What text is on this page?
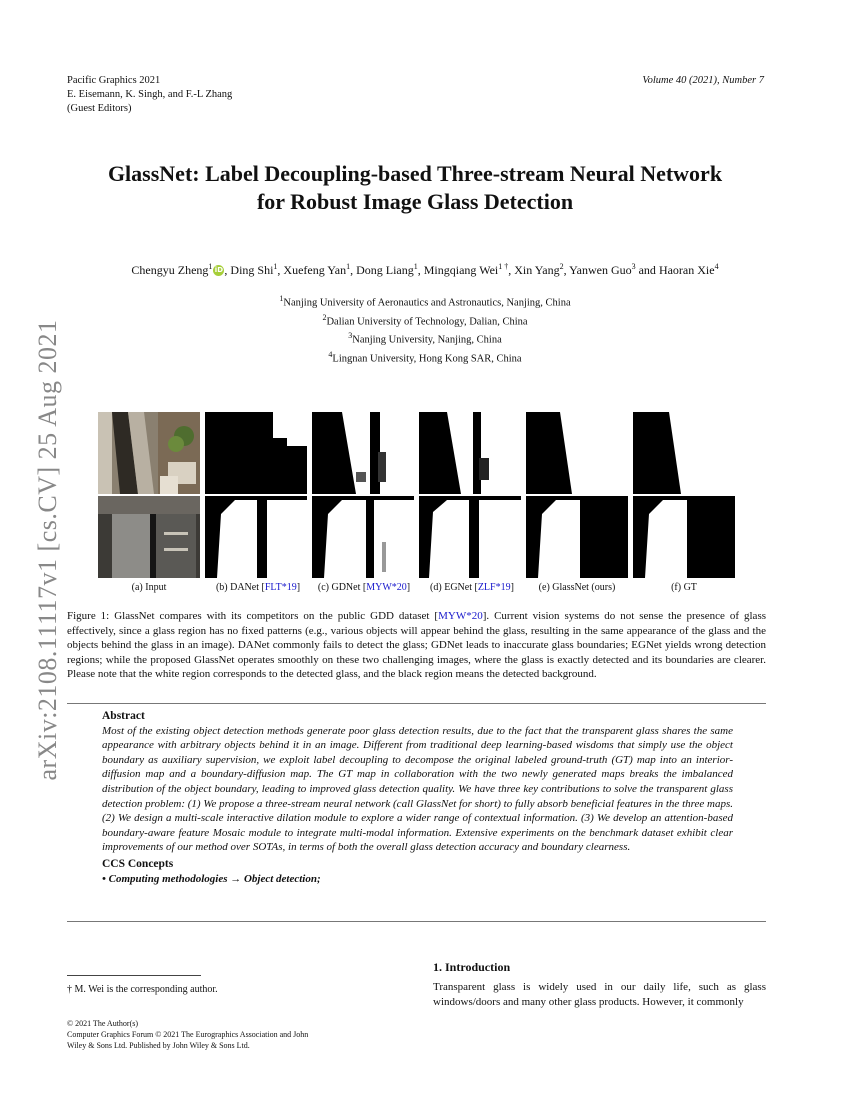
Pacific Graphics 2021
E. Eisemann, K. Singh, and F.-L Zhang
(Guest Editors)
Volume 40 (2021), Number 7
GlassNet: Label Decoupling-based Three-stream Neural Network
for Robust Image Glass Detection
Chengyu Zheng$^1$ iD, Ding Shi$^1$, Xuefeng Yan$^1$, Dong Liang$^1$, Mingqiang Wei$^{1 \dagger}$, Xin Yang$^2$, Yanwen Guo$^3$ and Haoran Xie$^4$
$^1$Nanjing University of Aeronautics and Astronautics, Nanjing, China
$^2$Dalian University of Technology, Dalian, China
$^3$Nanjing University, Nanjing, China
$^4$Lingnan University, Hong Kong SAR, China
arXiv:2108.11117v1 [cs.CV] 25 Aug 2021	(a) Input	(b) DANet [FLT*19]	(c) GDNet [MYW*20]	(d) EGNet [ZLF*19]	(e) GlassNet (ours)	(f) GT
Figure 1: GlassNet compares with its competitors on the public GDD dataset [MYW*20]. Current vision systems do not sense the presence of glass effectively, since a glass region has no fixed patterns (e.g., various objects will appear behind the glass, resulting in the same appearance of the glass and the objects behind the glass in an image). DANet commonly fails to detect the glass; GDNet leads to inaccurate glass boundaries; EGNet yields wrong detection regions; while the proposed GlassNet operates smoothly on these two challenging images, where the glass is exactly detected and its boundaries are clearer. Please note that the white region corresponds to the detected glass, and the black region means the detected background.
Abstract

Most of the existing object detection methods generate poor glass detection results, due to the fact that the transparent glass shares the same appearance with arbitrary objects behind it in an image. Different from traditional deep learning-based wisdoms that simply use the object boundary as auxiliary supervision, we exploit label decoupling to decompose the original labeled ground-truth (GT) map into an interior-diffusion map and a boundary-diffusion map. The GT map in collaboration with the two newly generated maps breaks the imbalanced distribution of the object boundary, leading to improved glass detection quality. We have three key contributions to solve the transparent glass detection problem: (1) We propose a three-stream neural network (call GlassNet for short) to fully absorb beneficial features in the three maps. (2) We design a multi-scale interactive dilation module to explore a wider range of contextual information. (3) We develop an attention-based boundary-aware feature Mosaic module to integrate multi-modal information. Extensive experiments on the benchmark dataset exhibit clear improvements of our method over SOTAs, in terms of both the overall glass detection accuracy and boundary clearness.

CCS Concepts
• Computing methodologies → Object detection;
† M. Wei is the corresponding author.
© 2021 The Author(s)
Computer Graphics Forum © 2021 The Eurographics Association and John
Wiley & Sons Ltd. Published by John Wiley & Sons Ltd.
1. Introduction
Transparent glass is widely used in our daily life, such as glass windows/doors and many other glass products. However, it commonly
